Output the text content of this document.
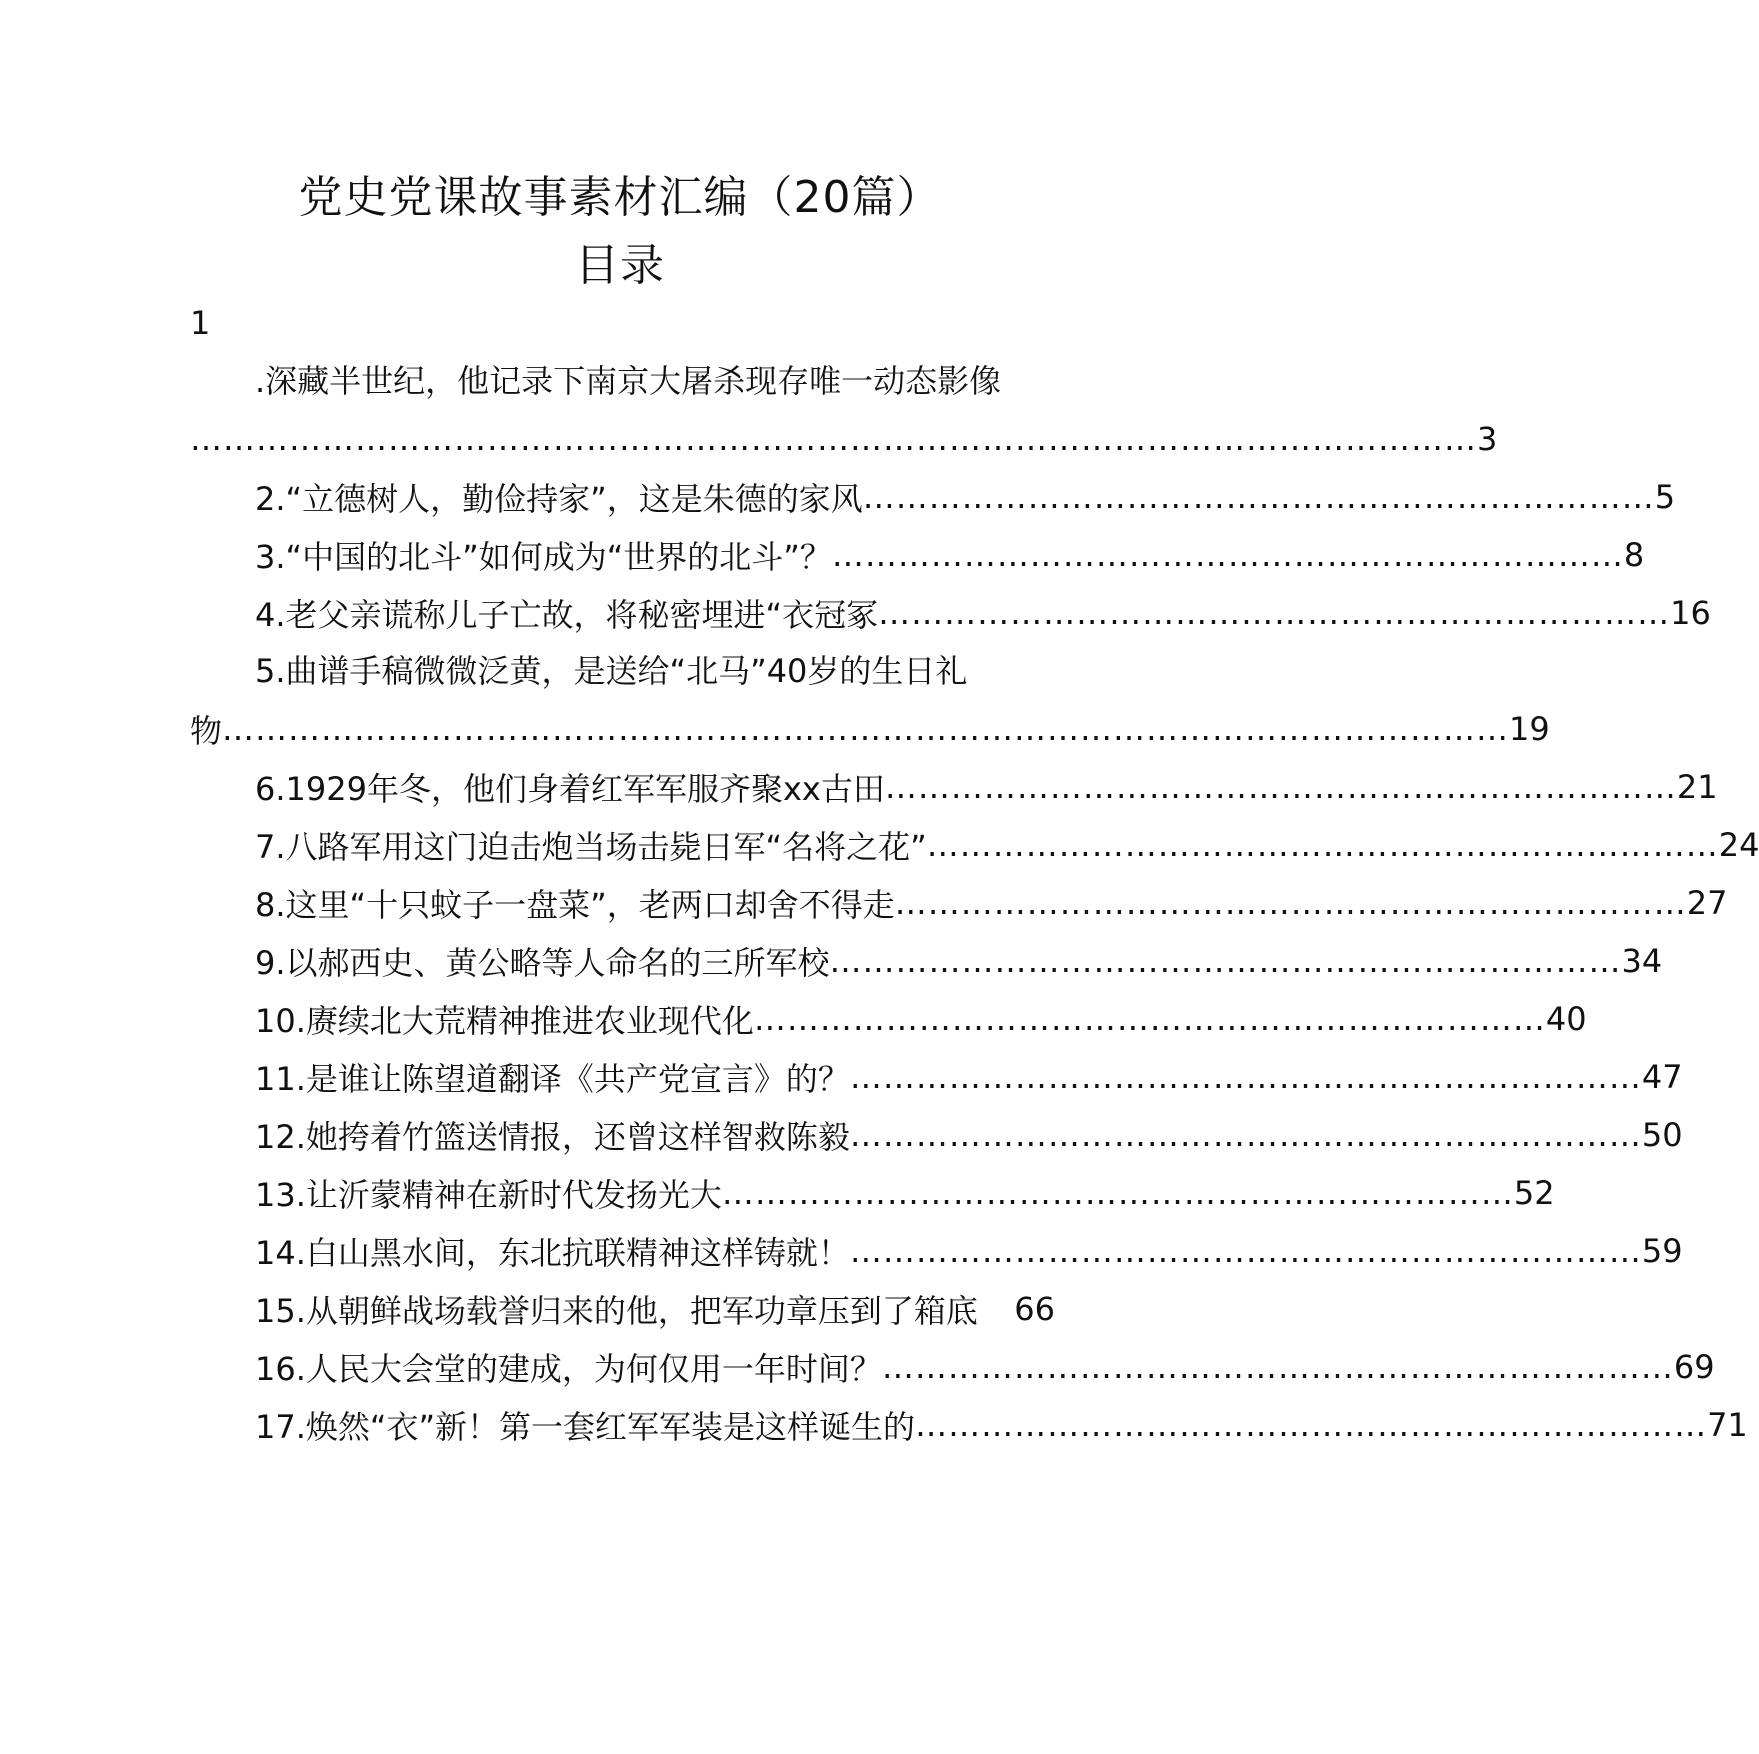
党史党课故事素材汇编（20篇）
目录
1
.深藏半世纪，他记录下南京大屠杀现存唯一动态影像
……………………………………………………………………………………………………… 3
2.“立德树人，勤俭持家”，这是朱德的家风 ……………………………………………………………… 5
3.“中国的北斗”如何成为“世界的北斗”？ ……………………………………………………………… 8
4.老父亲谎称儿子亡故，将秘密埋进“衣冠冢 ……………………………………………………………… 16
5.曲谱手稿微微泛黄，是送给“北马”40岁的生日礼
物 ……………………………………………………………………………………………………… 19
6.1929年冬，他们身着红军军服齐聚xx古田 ……………………………………………………………… 21
7.八路军用这门迫击炮当场击毙日军“名将之花” ……………………………………………………………… 24
8.这里“十只蚊子一盘菜”，老两口却舍不得走 ……………………………………………………………… 27
9.以郝西史、黄公略等人命名的三所军校 ……………………………………………………………… 34
10.赓续北大荒精神推进农业现代化 ……………………………………………………………… 40
11.是谁让陈望道翻译《共产党宣言》的？ ……………………………………………………………… 47
12.她挎着竹篮送情报，还曾这样智救陈毅 ……………………………………………………………… 50
13.让沂蒙精神在新时代发扬光大 ……………………………………………………………… 52
14.白山黑水间，东北抗联精神这样铸就！ ……………………………………………………………… 59
15.从朝鲜战场载誉归来的他，把军功章压到了箱底 66
16.人民大会堂的建成，为何仅用一年时间？ ……………………………………………………………… 69
17.焕然“衣”新！第一套红军军装是这样诞生的 ……………………………………………………………… 71
